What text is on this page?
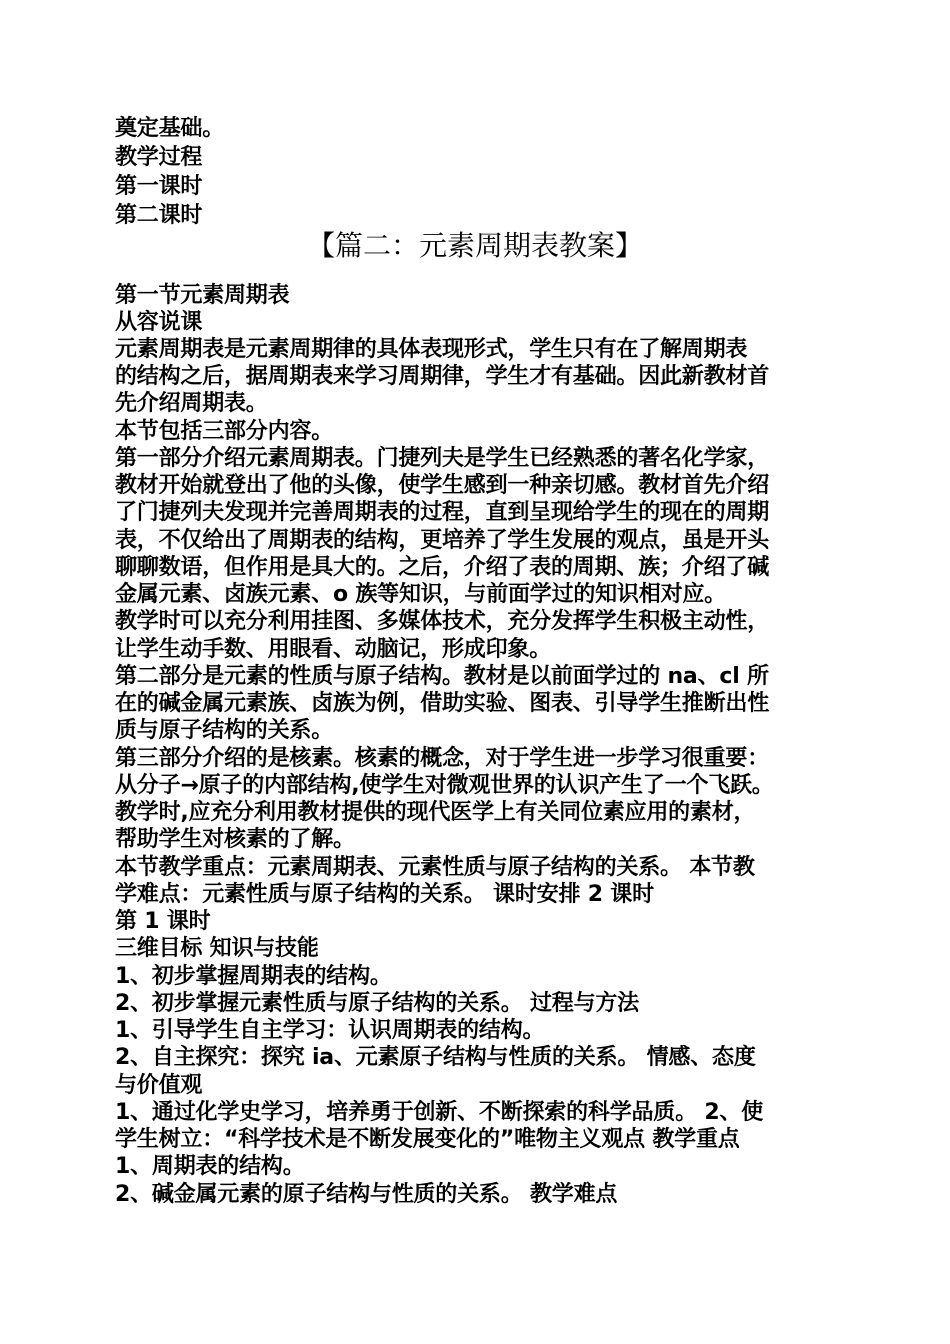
奠定基础。
教学过程
第一课时
第二课时
【篇二：元素周期表教案】
第一节元素周期表
从容说课
元素周期表是元素周期律的具体表现形式，学生只有在了解周期表
的结构之后，据周期表来学习周期律，学生才有基础。因此新教材首
先介绍周期表。
本节包括三部分内容。
第一部分介绍元素周期表。门捷列夫是学生已经熟悉的著名化学家，
教材开始就登出了他的头像，使学生感到一种亲切感。教材首先介绍
了门捷列夫发现并完善周期表的过程，直到呈现给学生的现在的周期
表，不仅给出了周期表的结构，更培养了学生发展的观点，虽是开头
聊聊数语，但作用是具大的。之后，介绍了表的周期、族；介绍了碱
金属元素、卤族元素、o 族等知识，与前面学过的知识相对应。
教学时可以充分利用挂图、多媒体技术，充分发挥学生积极主动性，
让学生动手数、用眼看、动脑记，形成印象。
第二部分是元素的性质与原子结构。教材是以前面学过的 na、cl 所
在的碱金属元素族、卤族为例，借助实验、图表、引导学生推断出性
质与原子结构的关系。
第三部分介绍的是核素。核素的概念，对于学生进一步学习很重要：
从分子→原子的内部结构,使学生对微观世界的认识产生了一个飞跃。
教学时,应充分利用教材提供的现代医学上有关同位素应用的素材，
帮助学生对核素的了解。
本节教学重点：元素周期表、元素性质与原子结构的关系。 本节教
学难点：元素性质与原子结构的关系。 课时安排 2 课时
第 1 课时
三维目标 知识与技能
1、初步掌握周期表的结构。
2、初步掌握元素性质与原子结构的关系。 过程与方法
1、引导学生自主学习：认识周期表的结构。
2、自主探究：探究 ia、元素原子结构与性质的关系。 情感、态度
与价值观
1、通过化学史学习，培养勇于创新、不断探索的科学品质。 2、使
学生树立：“科学技术是不断发展变化的”唯物主义观点 教学重点
1、周期表的结构。
2、碱金属元素的原子结构与性质的关系。 教学难点
